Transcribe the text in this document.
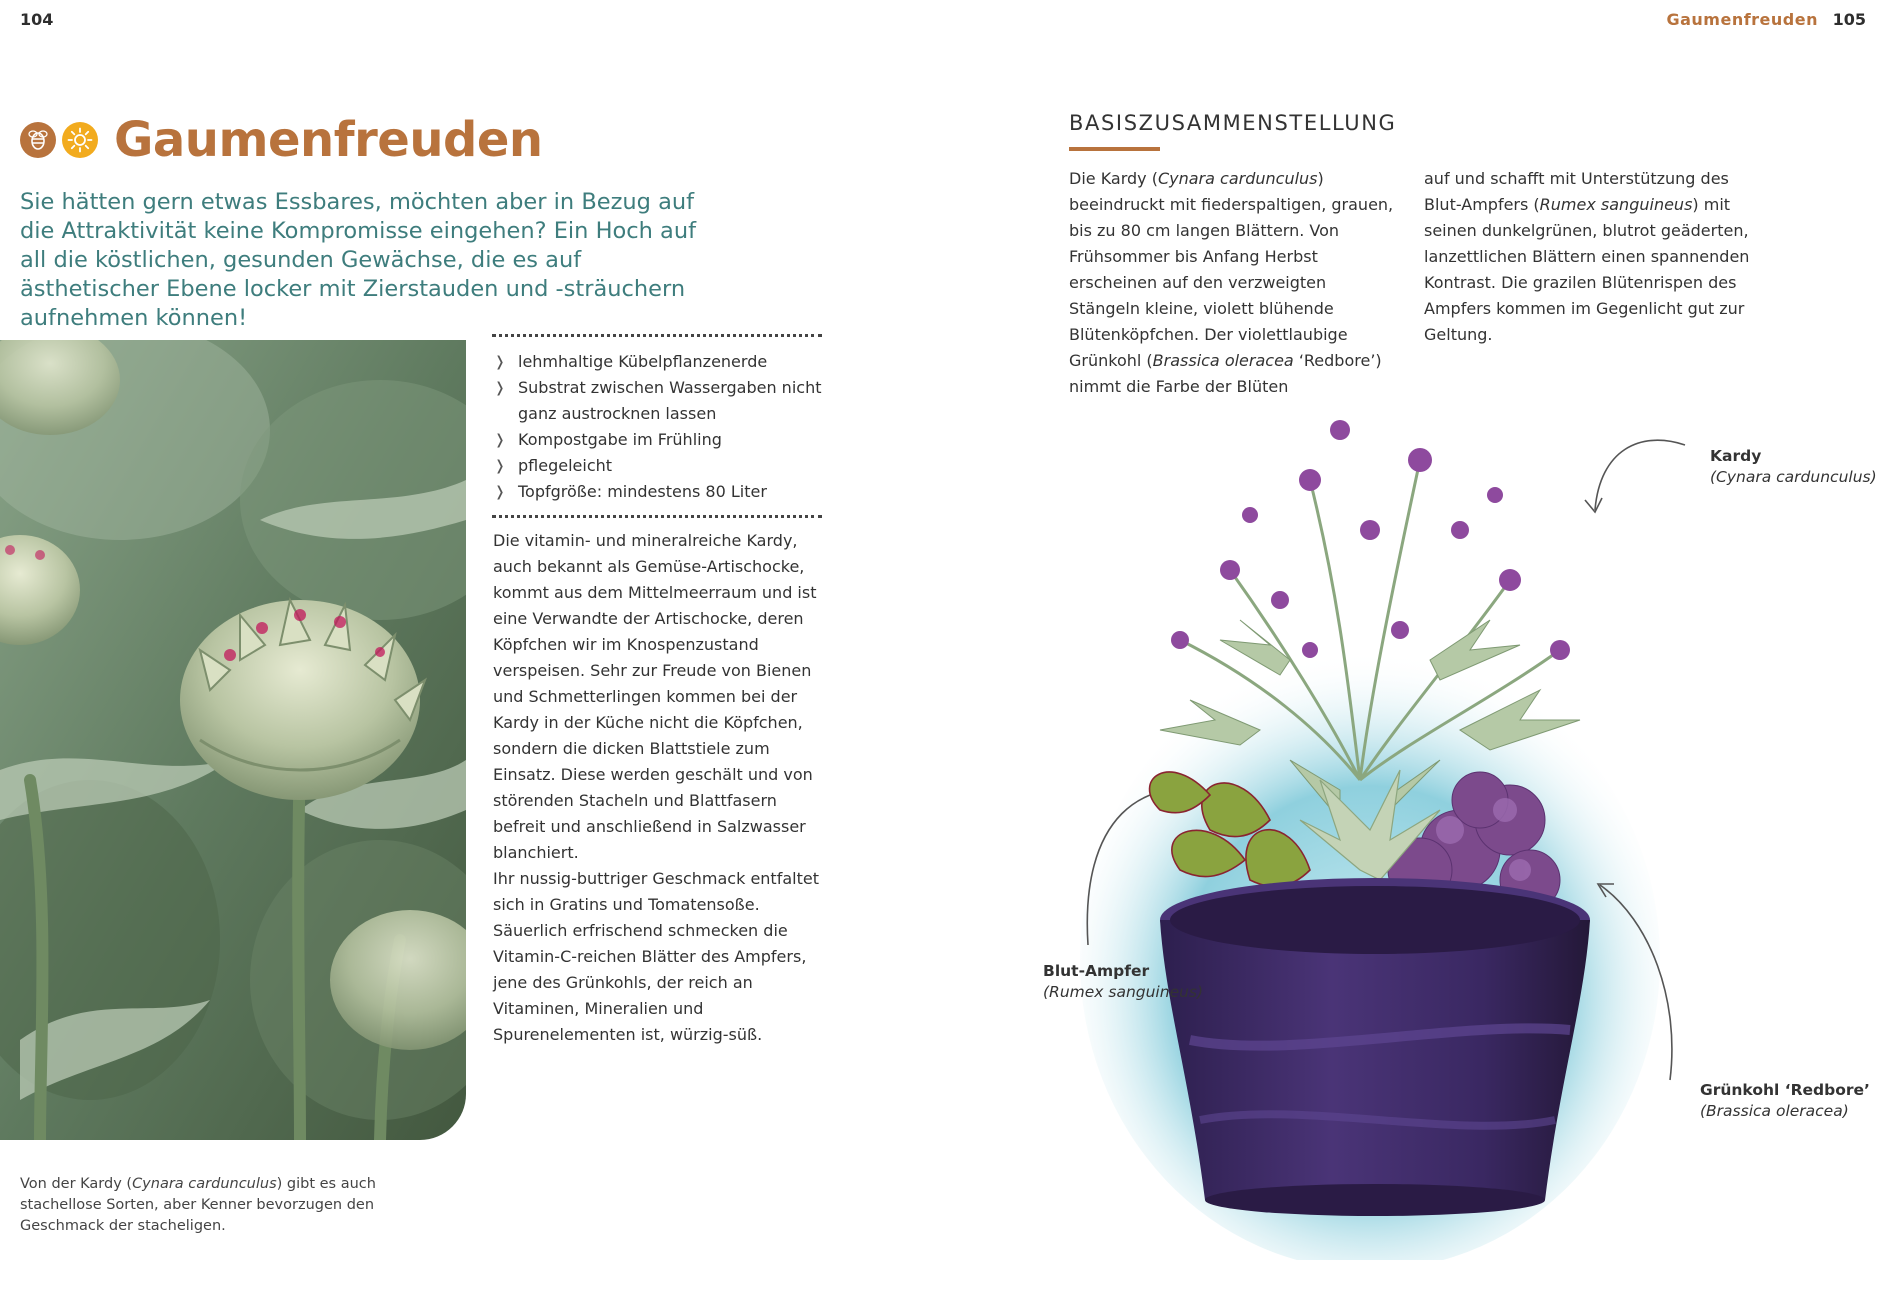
104	Gaumenfreuden 105
Gaumenfreuden

Sie hätten gern etwas Essbares, möchten aber in Bezug auf die Attraktivität keine Kompromisse eingehen? Ein Hoch auf all die köstlichen, gesunden Gewächse, die es auf ästhetischer Ebene locker mit Zierstauden und -sträuchern aufnehmen können!

Von der Kardy (Cynara cardunculus) gibt es auch stachellose Sorten, aber Kenner bevorzugen den Geschmack der stacheligen.

❭ lehmhaltige Kübelpflanzenerde
❭ Substrat zwischen Wassergaben nicht ganz austrocknen lassen
❭ Kompostgabe im Frühling
❭ pflegeleicht
❭ Topfgröße: mindestens 80 Liter

Die vitamin- und mineralreiche Kardy, auch bekannt als Gemüse-Artischocke, kommt aus dem Mittelmeerraum und ist eine Verwandte der Artischocke, deren Köpfchen wir im Knospenzustand verspeisen. Sehr zur Freude von Bienen und Schmetterlingen kommen bei der Kardy in der Küche nicht die Köpfchen, sondern die dicken Blattstiele zum Einsatz. Diese werden geschält und von störenden Stacheln und Blattfasern befreit und anschließend in Salzwasser blanchiert.

Ihr nussig-buttriger Geschmack entfaltet sich in Gratins und Tomatensoße. Säuerlich erfrischend schmecken die Vitamin-C-reichen Blätter des Ampfers, jene des Grünkohls, der reich an Vitaminen, Mineralien und Spurenelementen ist, würzig-süß.

BASISZUSAMMENSTELLUNG

Die Kardy (Cynara cardunculus) beeindruckt mit fiederspaltigen, grauen, bis zu 80 cm langen Blättern. Von Frühsommer bis Anfang Herbst erscheinen auf den verzweigten Stängeln kleine, violett blühende Blütenköpfchen. Der violettlaubige Grünkohl (Brassica oleracea ‘Redbore’) nimmt die Farbe der Blüten

auf und schafft mit Unterstützung des Blut-Ampfers (Rumex sanguineus) mit seinen dunkelgrünen, blutrot geäderten, lanzettlichen Blättern einen spannenden Kontrast. Die grazilen Blütenrispen des Ampfers kommen im Gegenlicht gut zur Geltung.

Kardy
(Cynara cardunculus)
Blut-Ampfer
(Rumex sanguineus)
Grünkohl ‘Redbore’
(Brassica oleracea)
